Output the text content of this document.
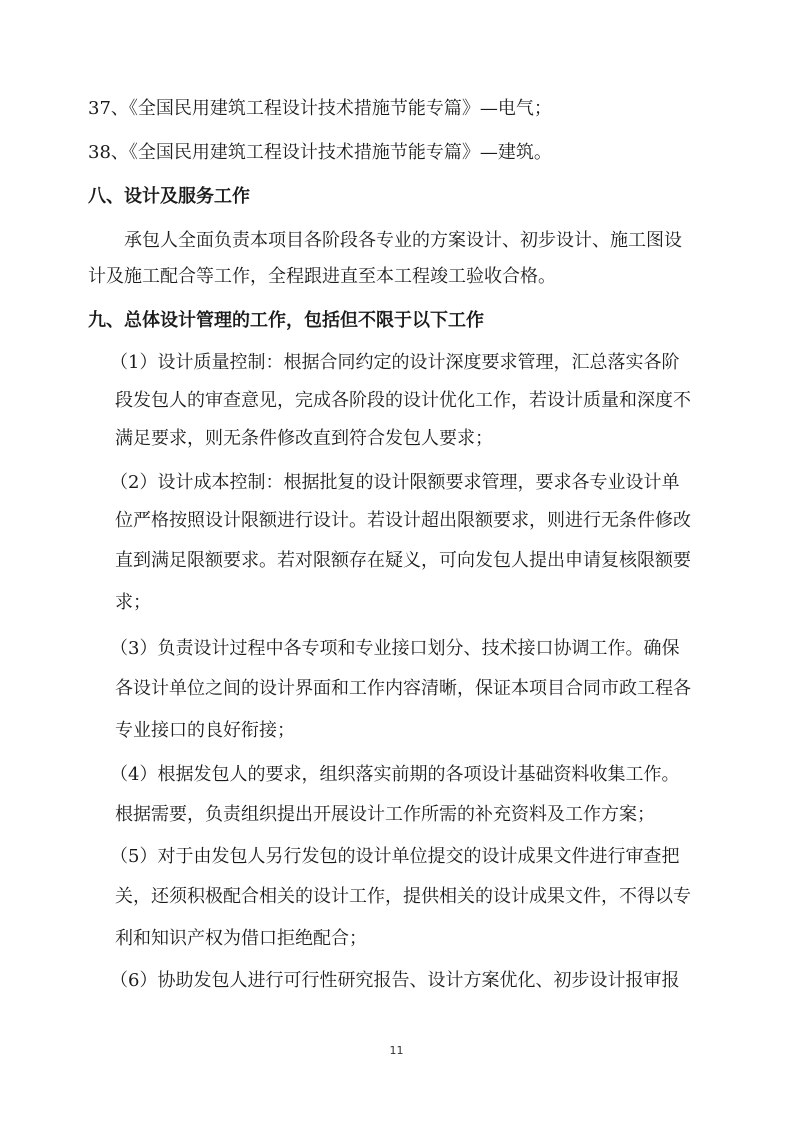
37、《全国民用建筑工程设计技术措施节能专篇》—电气；

38、《全国民用建筑工程设计技术措施节能专篇》—建筑。

八、设计及服务工作

承包人全面负责本项目各阶段各专业的方案设计、初步设计、施工图设

计及施工配合等工作，全程跟进直至本工程竣工验收合格。

九、总体设计管理的工作，包括但不限于以下工作

（1）设计质量控制：根据合同约定的设计深度要求管理，汇总落实各阶

段发包人的审查意见，完成各阶段的设计优化工作，若设计质量和深度不

满足要求，则无条件修改直到符合发包人要求；

（2）设计成本控制：根据批复的设计限额要求管理，要求各专业设计单

位严格按照设计限额进行设计。若设计超出限额要求，则进行无条件修改

直到满足限额要求。若对限额存在疑义，可向发包人提出申请复核限额要

求；

（3）负责设计过程中各专项和专业接口划分、技术接口协调工作。确保

各设计单位之间的设计界面和工作内容清晰，保证本项目合同市政工程各

专业接口的良好衔接；

（4）根据发包人的要求，组织落实前期的各项设计基础资料收集工作。

根据需要，负责组织提出开展设计工作所需的补充资料及工作方案；

（5）对于由发包人另行发包的设计单位提交的设计成果文件进行审查把

关，还须积极配合相关的设计工作，提供相关的设计成果文件，不得以专

利和知识产权为借口拒绝配合；

（6）协助发包人进行可行性研究报告、设计方案优化、初步设计报审报

11
